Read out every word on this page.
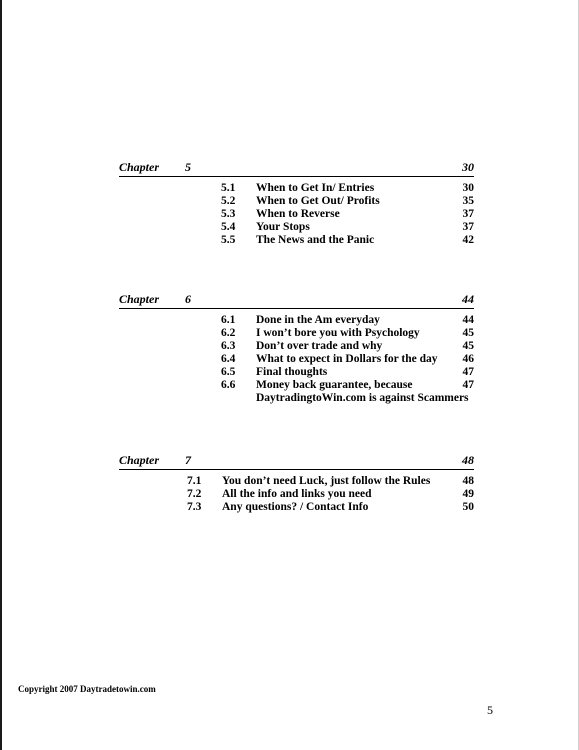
Chapter 5	30
5.1 When to Get In/ Entries	30
5.2 When to Get Out/ Profits	35
5.3 When to Reverse	37
5.4 Your Stops	37
5.5 The News and the Panic	42
Chapter 6	44
6.1 Done in the Am everyday	44
6.2 I won’t bore you with Psychology	45
6.3 Don’t over trade and why	45
6.4 What to expect in Dollars for the day 46
6.5 Final thoughts	47
6.6 Money back guarantee, because	47
DaytradingtoWin.com is against Scammers
Chapter 7	48
7.1 You don’t need Luck, just follow the Rules	48
7.2 All the info and links you need	49
7.3 Any questions? / Contact Info	50
Copyright 2007 Daytradetowin.com
5
